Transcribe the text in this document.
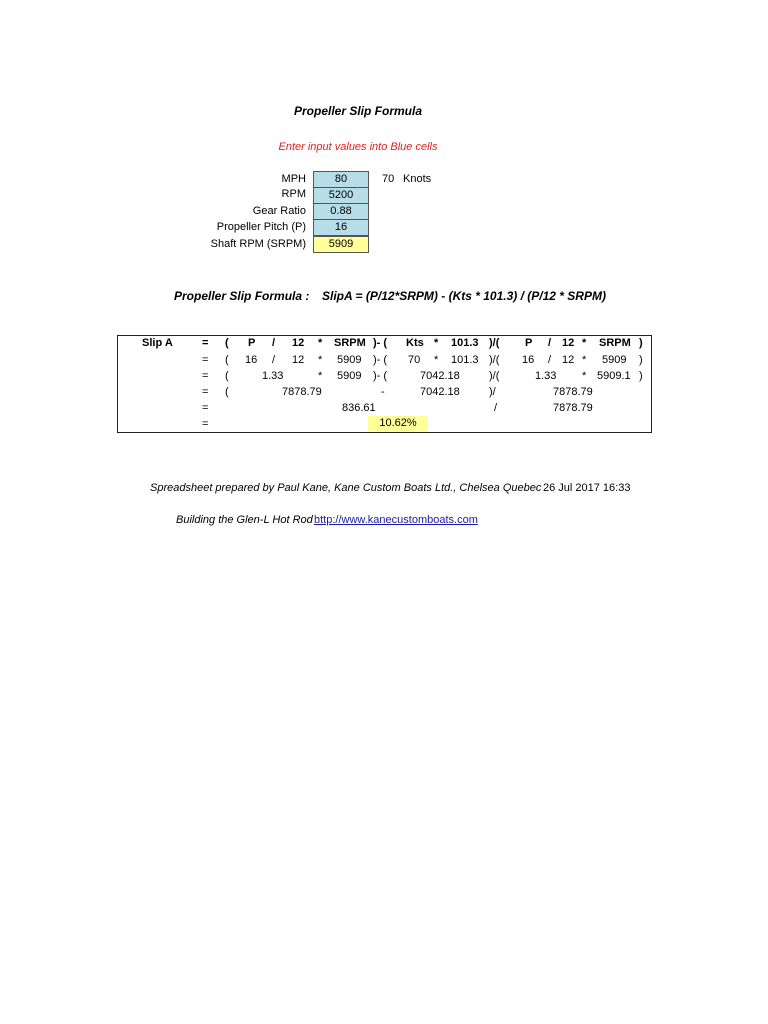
Propeller Slip Formula
Enter input values into Blue cells
MPH	80	70 Knots
RPM	5200
Gear Ratio	0.88
Propeller Pitch (P)	16
Shaft RPM (SRPM)	5909
Propeller Slip Formula : SlipA = (P/12*SRPM) - (Kts * 101.3) / (P/12 * SRPM)
Slip A	= ( P / 12 * SRPM )- ( Kts * 101.3 )/( P / 12 * SRPM )
= ( 16 / 12 * 5909 )- ( 70 * 101.3 )/( 16 / 12 * 5909 )
= (	1.33	* 5909 )- (	7042.18	)/(	1.33 * 5909.1 )
= (	7878.79	-	7042.18	)/	7878.79
=	836.61	/	7878.79
=	10.62%
Spreadsheet prepared by Paul Kane, Kane Custom Boats Ltd., Chelsea Quebec 26 Jul 2017 16:33
Building the Glen-L Hot Rod :
http://www.kanecustomboats.com
